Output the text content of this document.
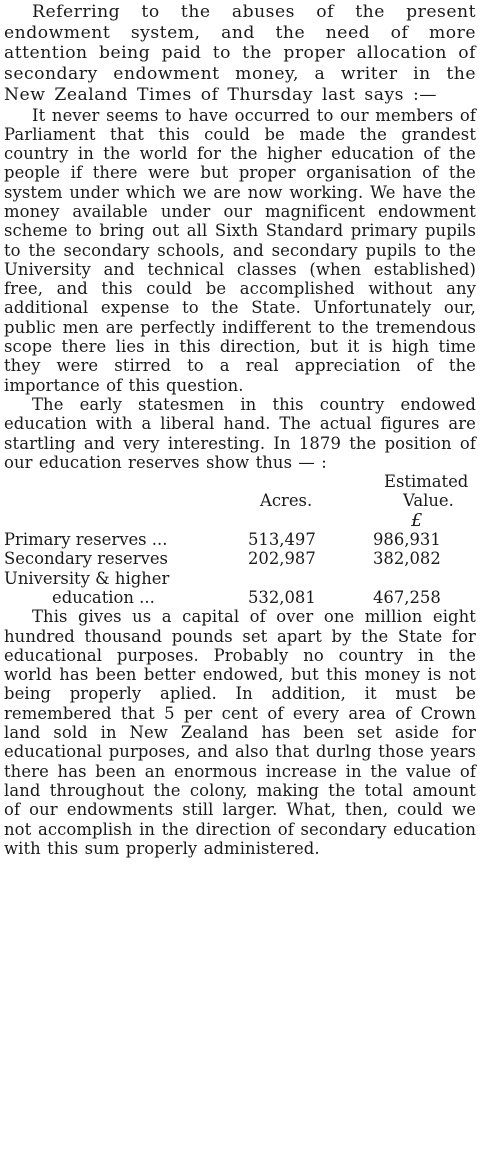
Referring to the abuses of the present endowment system, and the need of more attention being paid to the proper allocation of secondary endowment money, a writer in the New Zealand Times of Thursday last says :—

It never seems to have occurred to our members of Parliament that this could be made the grandest country in the world for the higher education of the people if there were but proper organisation of the system under which we are now working. We have the money available under our magnificent endowment scheme to bring out all Sixth Standard primary pupils to the secondary schools, and secondary pupils to the University and technical classes (when established) free, and this could be accomplished without any additional expense to the State. Unfortunately our, public men are perfectly indifferent to the tremendous scope there lies in this direction, but it is high time they were stirred to a real appreciation of the importance of this question.

The early statesmen in this country endowed education with a liberal hand. The actual figures are startling and very interesting. In 1879 the position of our education reserves show thus — :

Estimated
Acres.	Value.
£
Primary reserves ...	513,497	986,931
Secondary reserves	202,987	382,082
University & higher
education ...	532,081	467,258

This gives us a capital of over one million eight hundred thousand pounds set apart by the State for educational purposes. Probably no country in the world has been better endowed, but this money is not being properly aplied. In addition, it must be remembered that 5 per cent of every area of Crown land sold in New Zealand has been set aside for educational purposes, and also that durlng those years there has been an enormous increase in the value of land throughout the colony, making the total amount of our endowments still larger. What, then, could we not accomplish in the direction of secondary education with this sum properly administered.
